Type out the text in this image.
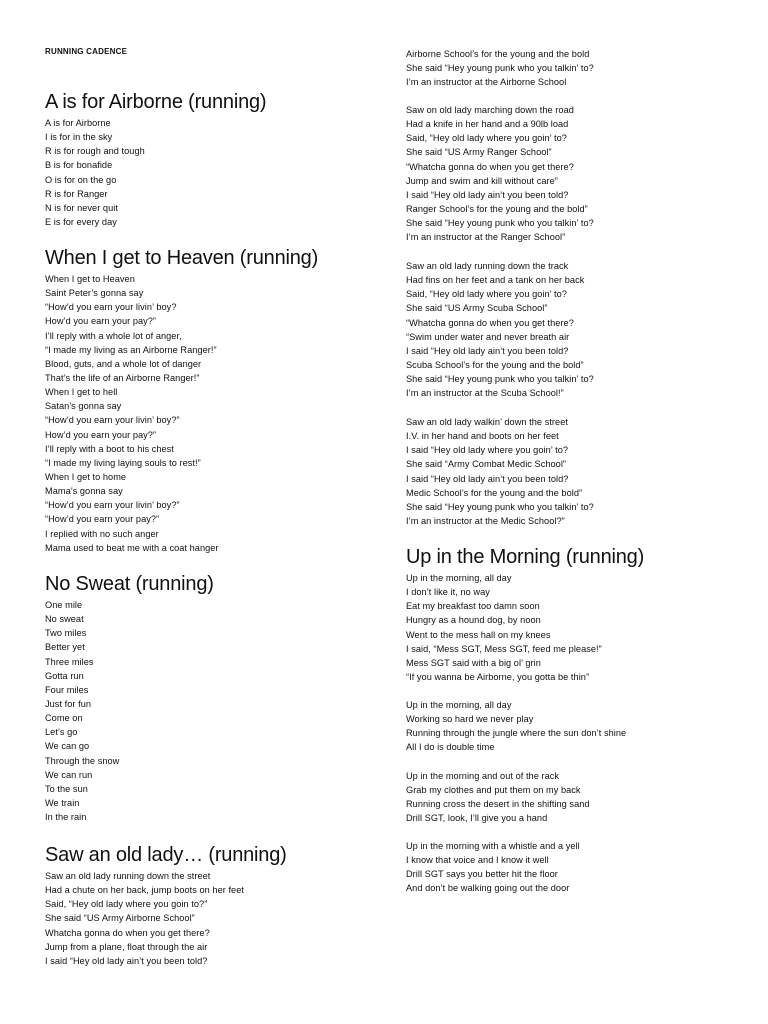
RUNNING CADENCE
A is for Airborne (running)
A is for Airborne
I is for in the sky
R is for rough and tough
B is for bonafide
O is for on the go
R is for Ranger
N is for never quit
E is for every day
When I get to Heaven (running)
When I get to Heaven
Saint Peter’s gonna say
“How’d you earn your livin’ boy?
How’d you earn your pay?”
I’ll reply with a whole lot of anger,
“I made my living as an Airborne Ranger!”
Blood, guts, and a whole lot of danger
That’s the life of an Airborne Ranger!”
When I get to hell
Satan’s gonna say
“How’d you earn your livin’ boy?”
How’d you earn your pay?”
I’ll reply with a boot to his chest
“I made my living laying souls to rest!”
When I get to home
Mama’s gonna say
“How’d you earn your livin’ boy?”
“How’d you earn your pay?”
I replied with no such anger
Mama used to beat me with a coat hanger
No Sweat (running)
One mile
No sweat
Two miles
Better yet
Three miles
Gotta run
Four miles
Just for fun
Come on
Let’s go
We can go
Through the snow
We can run
To the sun
We train
In the rain
Saw an old lady… (running)
Saw an old lady running down the street
Had a chute on her back, jump boots on her feet
Said, “Hey old lady where you goin to?”
She said “US Army Airborne School”
Whatcha gonna do when you get there?
Jump from a plane, float through the air
I said “Hey old lady ain’t you been told?
Airborne School’s for the young and the bold
She said “Hey young punk who you talkin’ to?
I’m an instructor at the Airborne School
Saw on old lady marching down the road
Had a knife in her hand and a 90lb load
Said, “Hey old lady where you goin’ to?
She said “US Army Ranger School”
“Whatcha gonna do when you get there?
Jump and swim and kill without care”
I said “Hey old lady ain’t you been told?
Ranger School’s for the young and the bold”
She said “Hey young punk who you talkin’ to?
I’m an instructor at the Ranger School”
Saw an old lady running down the track
Had fins on her feet and a tank on her back
Said, “Hey old lady where you goin’ to?
She said “US Army Scuba School”
“Whatcha gonna do when you get there?
“Swim under water and never breath air
I said “Hey old lady ain’t you been told?
Scuba School’s for the young and the bold”
She said “Hey young punk who you talkin’ to?
I’m an instructor at the Scuba School!”
Saw an old lady walkin’ down the street
I.V. in her hand and boots on her feet
I said “Hey old lady where you goin’ to?
She said “Army Combat Medic School”
I said “Hey old lady ain’t you been told?
Medic School’s for the young and the bold”
She said “Hey young punk who you talkin’ to?
I’m an instructor at the Medic School?”
Up in the Morning (running)
Up in the morning, all day
I don’t like it, no way
Eat my breakfast too damn soon
Hungry as a hound dog, by noon
Went to the mess hall on my knees
I said, “Mess SGT, Mess SGT, feed me please!”
Mess SGT said with a big ol’ grin
“If you wanna be Airborne, you gotta be thin”
Up in the morning, all day
Working so hard we never play
Running through the jungle where the sun don’t shine
All I do is double time
Up in the morning and out of the rack
Grab my clothes and put them on my back
Running cross the desert in the shifting sand
Drill SGT, look, I’ll give you a hand
Up in the morning with a whistle and a yell
I know that voice and I know it well
Drill SGT says you better hit the floor
And don’t be walking going out the door
